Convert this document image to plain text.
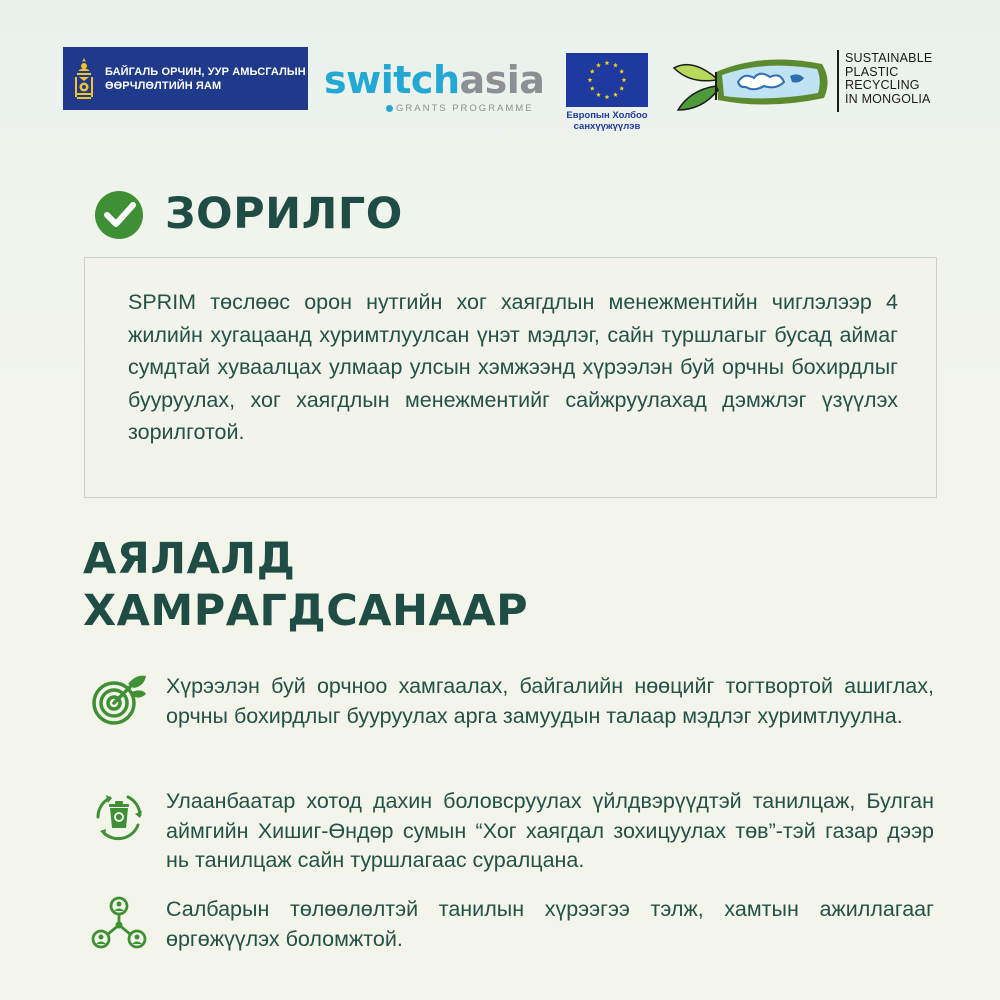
БАЙГАЛЬ ОРЧИН, УУР АМЬСГАЛЫН
ӨӨРЧЛӨЛТИЙН ЯАМ	switchasia
GRANTS PROGRAMME
Европын Холбоо
санхүүжүүлэв
SUSTAINABLE
PLASTIC
RECYCLING
IN MONGOLIA
ЗОРИЛГО

SPRIM төслөөс орон нутгийн хог хаягдлын менежментийн чиглэлээр 4 жилийн хугацаанд хуримтлуулсан үнэт мэдлэг, сайн туршлагыг бусад аймаг сумдтай хуваалцах улмаар улсын хэмжээнд хүрээлэн буй орчны бохирдлыг бууруулах, хог хаягдлын менежментийг сайжруулахад дэмжлэг үзүүлэх зорилготой.

АЯЛАЛД
ХАМРАГДСАНААР

Хүрээлэн буй орчноо хамгаалах, байгалийн нөөцийг тогтвортой ашиглах, орчны бохирдлыг бууруулах арга замуудын талаар мэдлэг хуримтлуулна.

Улаанбаатар хотод дахин боловсруулах үйлдвэрүүдтэй танилцаж, Булган аймгийн Хишиг-Өндөр сумын “Хог хаягдал зохицуулах төв”-тэй газар дээр нь танилцаж сайн туршлагаас суралцана.

Салбарын төлөөлөлтэй танилын хүрээгээ тэлж, хамтын ажиллагааг өргөжүүлэх боломжтой.
